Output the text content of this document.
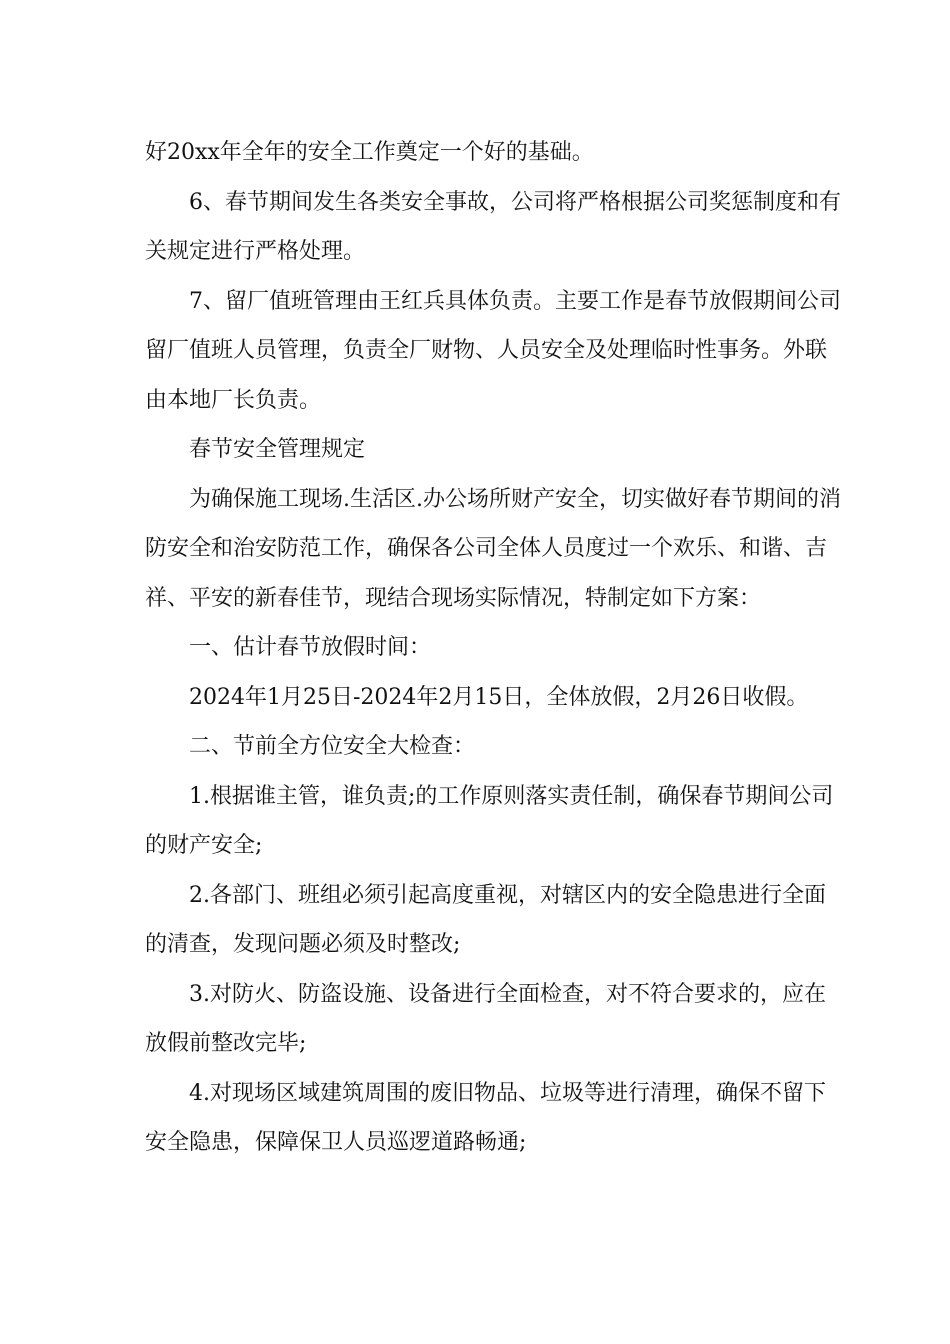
好20xx年全年的安全工作奠定一个好的基础。

6、春节期间发生各类安全事故，公司将严格根据公司奖惩制度和有关规定进行严格处理。

7、留厂值班管理由王红兵具体负责。主要工作是春节放假期间公司留厂值班人员管理，负责全厂财物、人员安全及处理临时性事务。外联由本地厂长负责。

春节安全管理规定

为确保施工现场.生活区.办公场所财产安全，切实做好春节期间的消防安全和治安防范工作，确保各公司全体人员度过一个欢乐、和谐、吉祥、平安的新春佳节，现结合现场实际情况，特制定如下方案：

一、估计春节放假时间：

2024年1月25日-2024年2月15日，全体放假，2月26日收假。

二、节前全方位安全大检查：

1.根据谁主管，谁负责;的工作原则落实责任制，确保春节期间公司的财产安全;

2.各部门、班组必须引起高度重视，对辖区内的安全隐患进行全面的清查，发现问题必须及时整改;

3.对防火、防盗设施、设备进行全面检查，对不符合要求的，应在放假前整改完毕;

4.对现场区域建筑周围的废旧物品、垃圾等进行清理，确保不留下安全隐患，保障保卫人员巡逻道路畅通;
